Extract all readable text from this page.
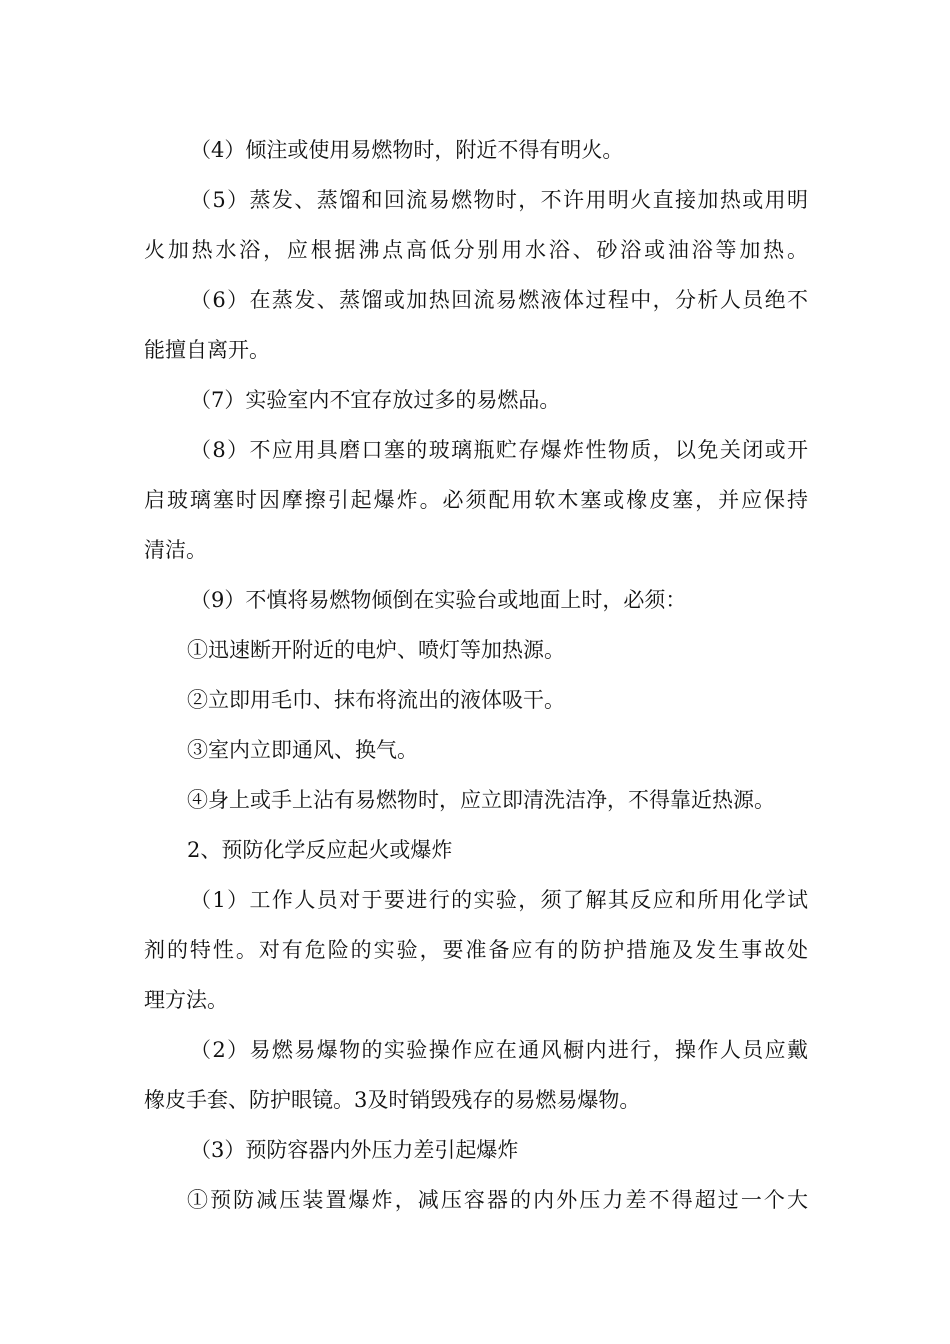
（4）倾注或使用易燃物时，附近不得有明火。
（5）蒸发、蒸馏和回流易燃物时，不许用明火直接加热或用明
火加热水浴，应根据沸点高低分别用水浴、砂浴或油浴等加热。
（6）在蒸发、蒸馏或加热回流易燃液体过程中，分析人员绝不
能擅自离开。
（7）实验室内不宜存放过多的易燃品。
（8）不应用具磨口塞的玻璃瓶贮存爆炸性物质，以免关闭或开
启玻璃塞时因摩擦引起爆炸。必须配用软木塞或橡皮塞，并应保持
清洁。
（9）不慎将易燃物倾倒在实验台或地面上时，必须：
①迅速断开附近的电炉、喷灯等加热源。
②立即用毛巾、抹布将流出的液体吸干。
③室内立即通风、换气。
④身上或手上沾有易燃物时，应立即清洗洁净，不得靠近热源。
2、预防化学反应起火或爆炸
（1）工作人员对于要进行的实验，须了解其反应和所用化学试
剂的特性。对有危险的实验，要准备应有的防护措施及发生事故处
理方法。
（2）易燃易爆物的实验操作应在通风橱内进行，操作人员应戴
橡皮手套、防护眼镜。3及时销毁残存的易燃易爆物。
（3）预防容器内外压力差引起爆炸
①预防减压装置爆炸，减压容器的内外压力差不得超过一个大
